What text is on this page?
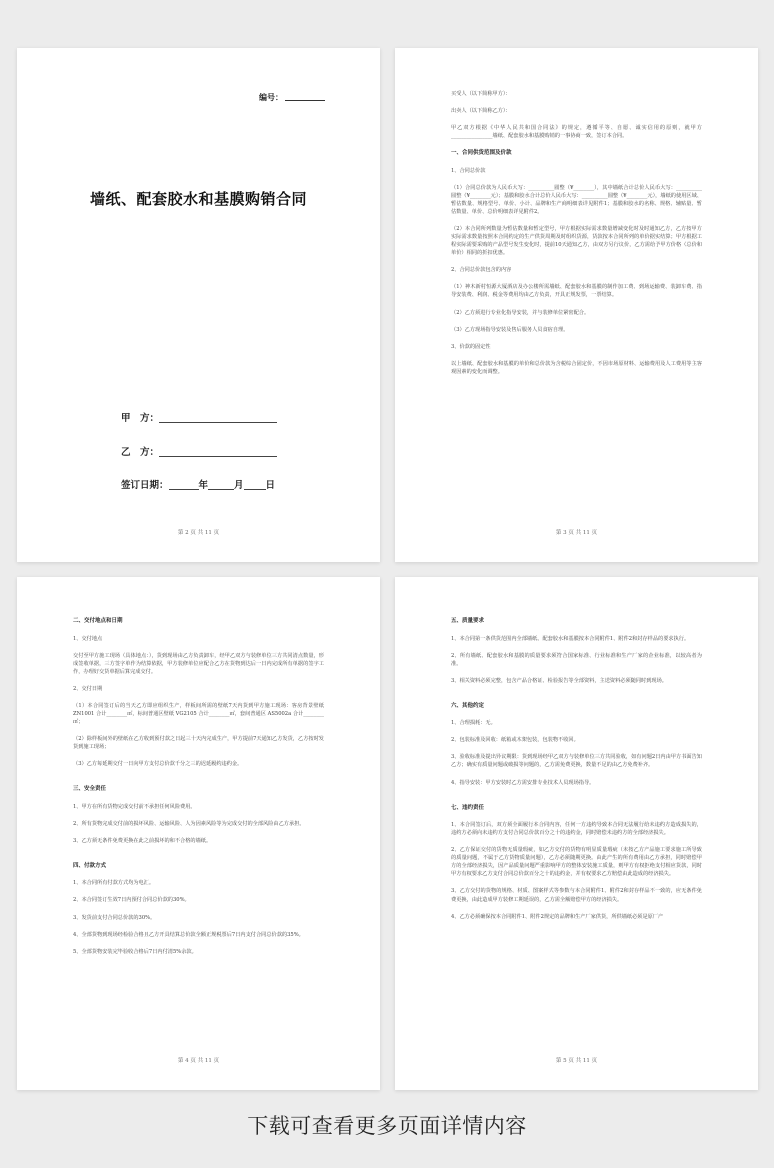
编号：
墙纸、配套胶水和基膜购销合同
甲　方：
乙　方：
签订日期：	年	月 日
第 2 页 共 11 页

买受人（以下简称甲方）：

出卖人（以下简称乙方）：

甲乙双方根据《中华人民共和国合同法》的规定，遵循平等、自愿、诚实信用的原则，就甲方________________墙纸、配套胶水和基膜购销的一事协商一致，签订本合同。

一、合同供货范围及价款

1、合同总价款

（1）合同总价款为人民币大写：__________圆整（¥________），其中墙纸合计总价人民币大写：__________圆整（¥________元）；基膜和胶水合计总价人民币大写：__________圆整（¥________元），墙纸的使用区域、暂估数量、规格型号、单价、小计、品牌和生产商明细表详见附件1；基膜和胶水的名称、规格、辅贴量、暂估数量、单价、总价明细表详见附件2。

（2）本合同所列数量为暂估数量和暂定型号，甲方根据实际需求数量增减变化时及时通知乙方，乙方按甲方实际需求数量按照本合同约定的生产供货周期及时组织货源，货款按本合同所列的单价据实结算；甲方根据工程实际需要采购的产品型号发生变化时，提前10天通知乙方，由双方另行议价，乙方需给予甲方价格（总价和单价）相同的折扣优惠。

2、合同总价款包含的内容

（1）神木新村恒源大厦酒店及办公楼所需墙纸、配套胶水和基膜的制作加工费、到场运输费、装卸车费、指导安装费、利润、税金等费用均由乙方负责，开具正规发票，一票结算。

（2）乙方须进行专业化指导安装，并与装修单位紧密配合。

（3）乙方现场指导安装及售后服务人员食宿自理。

3、价款的固定性

以上墙纸、配套胶水和基膜的单价和总价款为含税综合固定价，不因市场原材料、运输费用及人工费用等主客观因素的变化而调整。

第 3 页 共 11 页
二、交付地点和日期

1、交付地点

交付至甲方施工现场（具体地点：），货到现场由乙方负责卸车，经甲乙双方与装修单位三方共同清点数量，形成签收单据，三方签字单作为结算依据，甲方装修单位应配合乙方在货物到达后一日内完成所有单据的签字工作，办理好交货单据后算完成交付。

2、交付日期

（1）本合同签订后的当天乙方即应组织生产，样板间所需的壁纸7天内货到甲方施工现场：客房背景壁纸 ZN1001 合计________㎡，标间普通区壁纸 VG2105 合计________㎡，套间普通区 AS5002a 合计________㎡；

（2）除样板间外的壁纸在乙方收到预付款之日起三十天内完成生产，甲方提前7天通知乙方发货，乙方按时发货到施工现场；

（3）乙方每延期交付一日向甲方支付总价款千分之三的迟延履约违约金。

三、安全责任

1、甲方在所有货物完成交付前不承担任何风险费用。

2、所有货物完成交付前的损坏风险、运输风险、人为因素风险等为完成交付的全部风险由乙方承担。

3、乙方须无条件免费更换在此之前损坏的和不合格的墙纸。

四、付款方式

1、本合同所有付款方式均为电汇。

2、本合同签订生效7日内预付合同总价款的30%。

3、发货前支付合同总价款的30%。

4、全部货物到现场经检验合格且乙方开具结算总价款全额正规税票后7日内支付合同总价款的35%。

5、全部货物安装完毕验收合格后7日内付清5%余款。

第 4 页 共 11 页
五、质量要求

1、本合同第一条供货范围内全部墙纸、配套胶水和基膜按本合同附件1、附件2和封存样品的要求执行。

2、所有墙纸、配套胶水和基膜的质量要求须符合国家标准、行业标准和生产厂家的企业标准，以较高者为准。

3、相关资料必须完整，包含产品合格证、检验报告等全部资料，主送资料必须随同时到现场。

六、其他约定

1、合理损耗：无。

2、包装标准及回收：纸箱或木架包装，包装物不收回。

3、验收标准及提出异议期限：货到现场经甲乙双方与装修单位三方共同验收，如有问题2日内由甲方书面告知乙方；确实有质量问题或破损等问题的，乙方需免费更换，数量不足的由乙方免费补齐。

4、指导安装：甲方安装时乙方需安排专业技术人员现场指导。

七、违约责任

1、本合同签订后，双方须全面履行本合同内容，任何一方违约导致本合同无法履行给未违约方造成损失的，违约方必须向未违约方支付合同总价款百分之十的违约金，同时赔偿未违约方的全部经济损失。

2、乙方保证交付的货物无质量瑕疵，如乙方交付的货物有明显质量瑕疵（未按乙方产品施工要求施工所导致的质量问题，不属于乙方货物质量问题），乙方必须随期更换。由此产生的所有费用由乙方承担，同时赔偿甲方的全部经济损失，因产品质量问题严重影响甲方的整体安装施工质量，则甲方有权拒绝支付相应货款，同时甲方有权要求乙方支付合同总价款百分之十的违约金，并有权要求乙方赔偿由此造成的经济损失。

3、乙方交付的货物的规格、材质、图案样式等参数与本合同附件1、附件2和封存样品不一致的，应无条件免费更换，由此造成甲方装修工期延误的，乙方需全额赔偿甲方的经济损失。

4、乙方必须确保按本合同附件1、附件2规定的品牌和生产厂家供货，所供墙纸必须是原厂产

第 5 页 共 11 页
下载可查看更多页面详情内容
